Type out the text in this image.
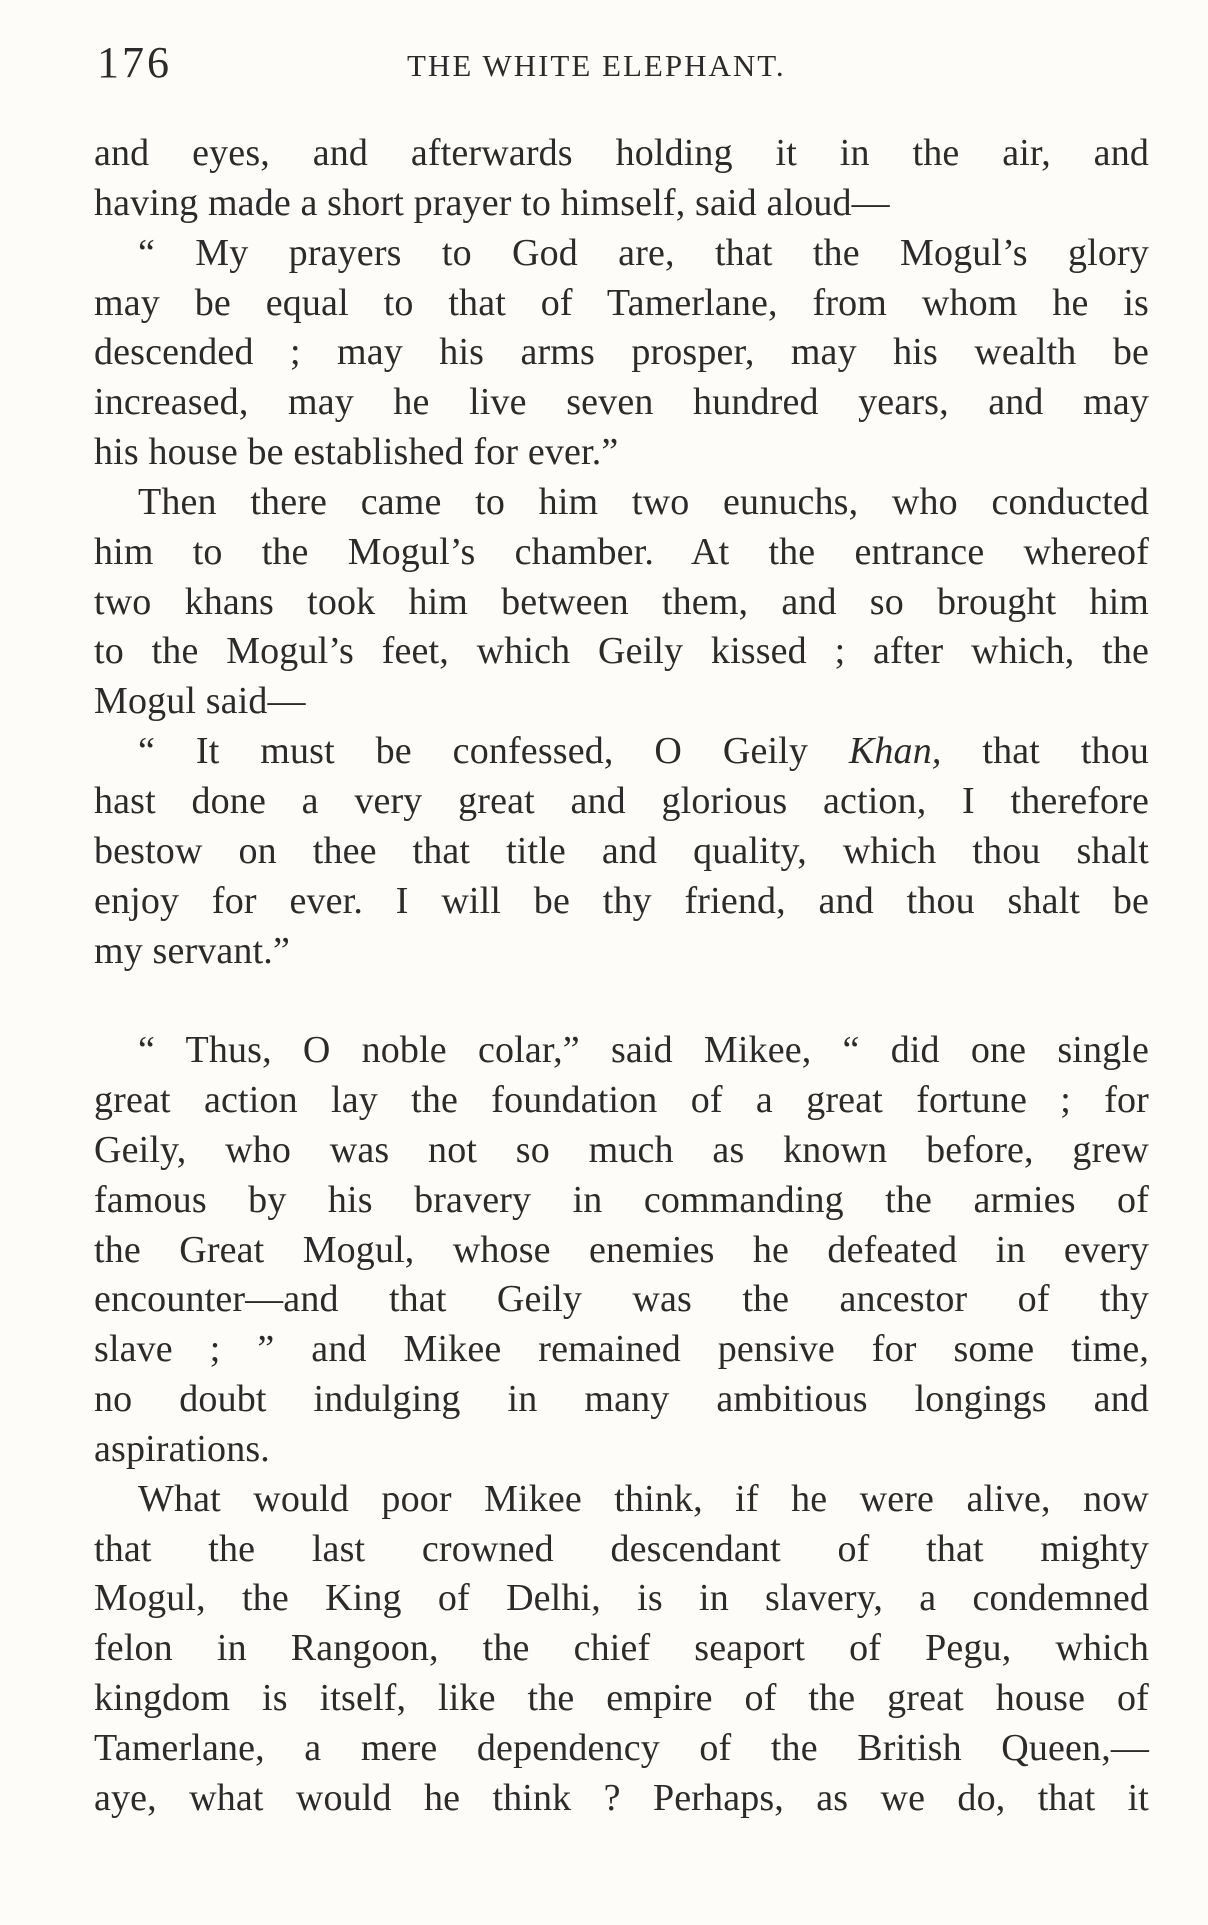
176	THE WHITE ELEPHANT.
and eyes, and afterwards holding it in the air, and
having made a short prayer to himself, said aloud—
“ My prayers to God are, that the Mogul’s glory
may be equal to that of Tamerlane, from whom he is
descended ; may his arms prosper, may his wealth be
increased, may he live seven hundred years, and may
his house be established for ever.”
Then there came to him two eunuchs, who conducted
him to the Mogul’s chamber. At the entrance whereof
two khans took him between them, and so brought him
to the Mogul’s feet, which Geily kissed ; after which, the
Mogul said—
“ It must be confessed, O Geily Khan, that thou
hast done a very great and glorious action, I therefore
bestow on thee that title and quality, which thou shalt
enjoy for ever. I will be thy friend, and thou shalt be
my servant.”
“ Thus, O noble colar,” said Mikee, “ did one single
great action lay the foundation of a great fortune ; for
Geily, who was not so much as known before, grew
famous by his bravery in commanding the armies of
the Great Mogul, whose enemies he defeated in every
encounter—and that Geily was the ancestor of thy
slave ; ” and Mikee remained pensive for some time,
no doubt indulging in many ambitious longings and
aspirations.
What would poor Mikee think, if he were alive, now
that the last crowned descendant of that mighty
Mogul, the King of Delhi, is in slavery, a condemned
felon in Rangoon, the chief seaport of Pegu, which
kingdom is itself, like the empire of the great house of
Tamerlane, a mere dependency of the British Queen,—
aye, what would he think ? Perhaps, as we do, that it
